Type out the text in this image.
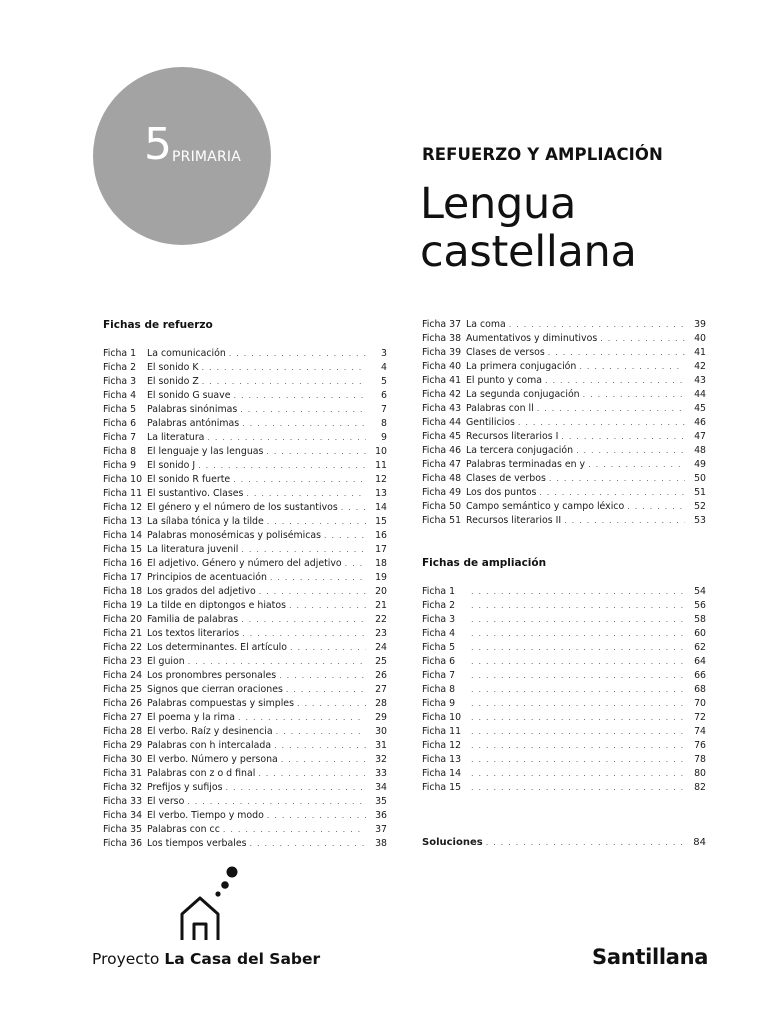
5 PRIMARIA	REFUERZO Y AMPLIACIÓN
Lengua
castellana
Fichas de refuerzo
Ficha 1	La comunicación . . .	3
Ficha 2	El sonido K . . .	4
Ficha 3	El sonido Z . . .	5
Ficha 4	El sonido G suave . . .	6
Ficha 5	Palabras sinónimas . . .	7
Ficha 6	Palabras antónimas . . .	8
Ficha 7	La literatura . . .	9
Ficha 8	El lenguaje y las lenguas . . .	10
Ficha 9	El sonido J . . .	11
Ficha 10 El sonido R fuerte . . .	12
Ficha 11 El sustantivo. Clases . . .	13
Ficha 12 El género y el número de los sustantivos . . .	14
Ficha 13 La sílaba tónica y la tilde . . .	15
Ficha 14 Palabras monosémicas y polisémicas . . .	16
Ficha 15 La literatura juvenil . . .	17
Ficha 16 El adjetivo. Género y número del adjetivo . . .	18
Ficha 17 Principios de acentuación . . .	19
Ficha 18 Los grados del adjetivo . . .	20
Ficha 19 La tilde en diptongos e hiatos . . .	21
Ficha 20 Familia de palabras . . .	22
Ficha 21 Los textos literarios . . .	23
Ficha 22 Los determinantes. El artículo . . .	24
Ficha 23 El guion . . .	25
Ficha 24 Los pronombres personales . . .	26
Ficha 25 Signos que cierran oraciones . . .	27
Ficha 26 Palabras compuestas y simples . . .	28
Ficha 27 El poema y la rima . . .	29
Ficha 28 El verbo. Raíz y desinencia . . .	30
Ficha 29 Palabras con h intercalada . . .	31
Ficha 30 El verbo. Número y persona . . .	32
Ficha 31 Palabras con z o d final . . .	33
Ficha 32 Prefijos y sufijos . . .	34
Ficha 33 El verso . . .	35
Ficha 34 El verbo. Tiempo y modo . . .	36
Ficha 35 Palabras con cc . . .	37
Ficha 36 Los tiempos verbales . . .	38
Ficha 37 La coma . . .	39
Ficha 38 Aumentativos y diminutivos . . .	40
Ficha 39 Clases de versos . . .	41
Ficha 40 La primera conjugación . . .	42
Ficha 41 El punto y coma . . .	43
Ficha 42 La segunda conjugación . . .	44
Ficha 43 Palabras con ll . . .	45
Ficha 44 Gentilicios . . .	46
Ficha 45 Recursos literarios I . . .	47
Ficha 46 La tercera conjugación . . .	48
Ficha 47 Palabras terminadas en y . . .	49
Ficha 48 Clases de verbos . . .	50
Ficha 49 Los dos puntos . . .	51
Ficha 50 Campo semántico y campo léxico . . .	52
Ficha 51 Recursos literarios II . . .	53
Fichas de ampliación
Ficha 1 . . .	54
Ficha 2 . . .	56
Ficha 3 . . .	58
Ficha 4 . . .	60
Ficha 5 . . .	62
Ficha 6 . . .	64
Ficha 7 . . .	66
Ficha 8 . . .	68
Ficha 9 . . .	70
Ficha 10 . . .	72
Ficha 11 . . .	74
Ficha 12 . . .	76
Ficha 13 . . .	78
Ficha 14 . . .	80
Ficha 15 . . .	82
Soluciones . . .	84
Proyecto La Casa del Saber	Santillana
